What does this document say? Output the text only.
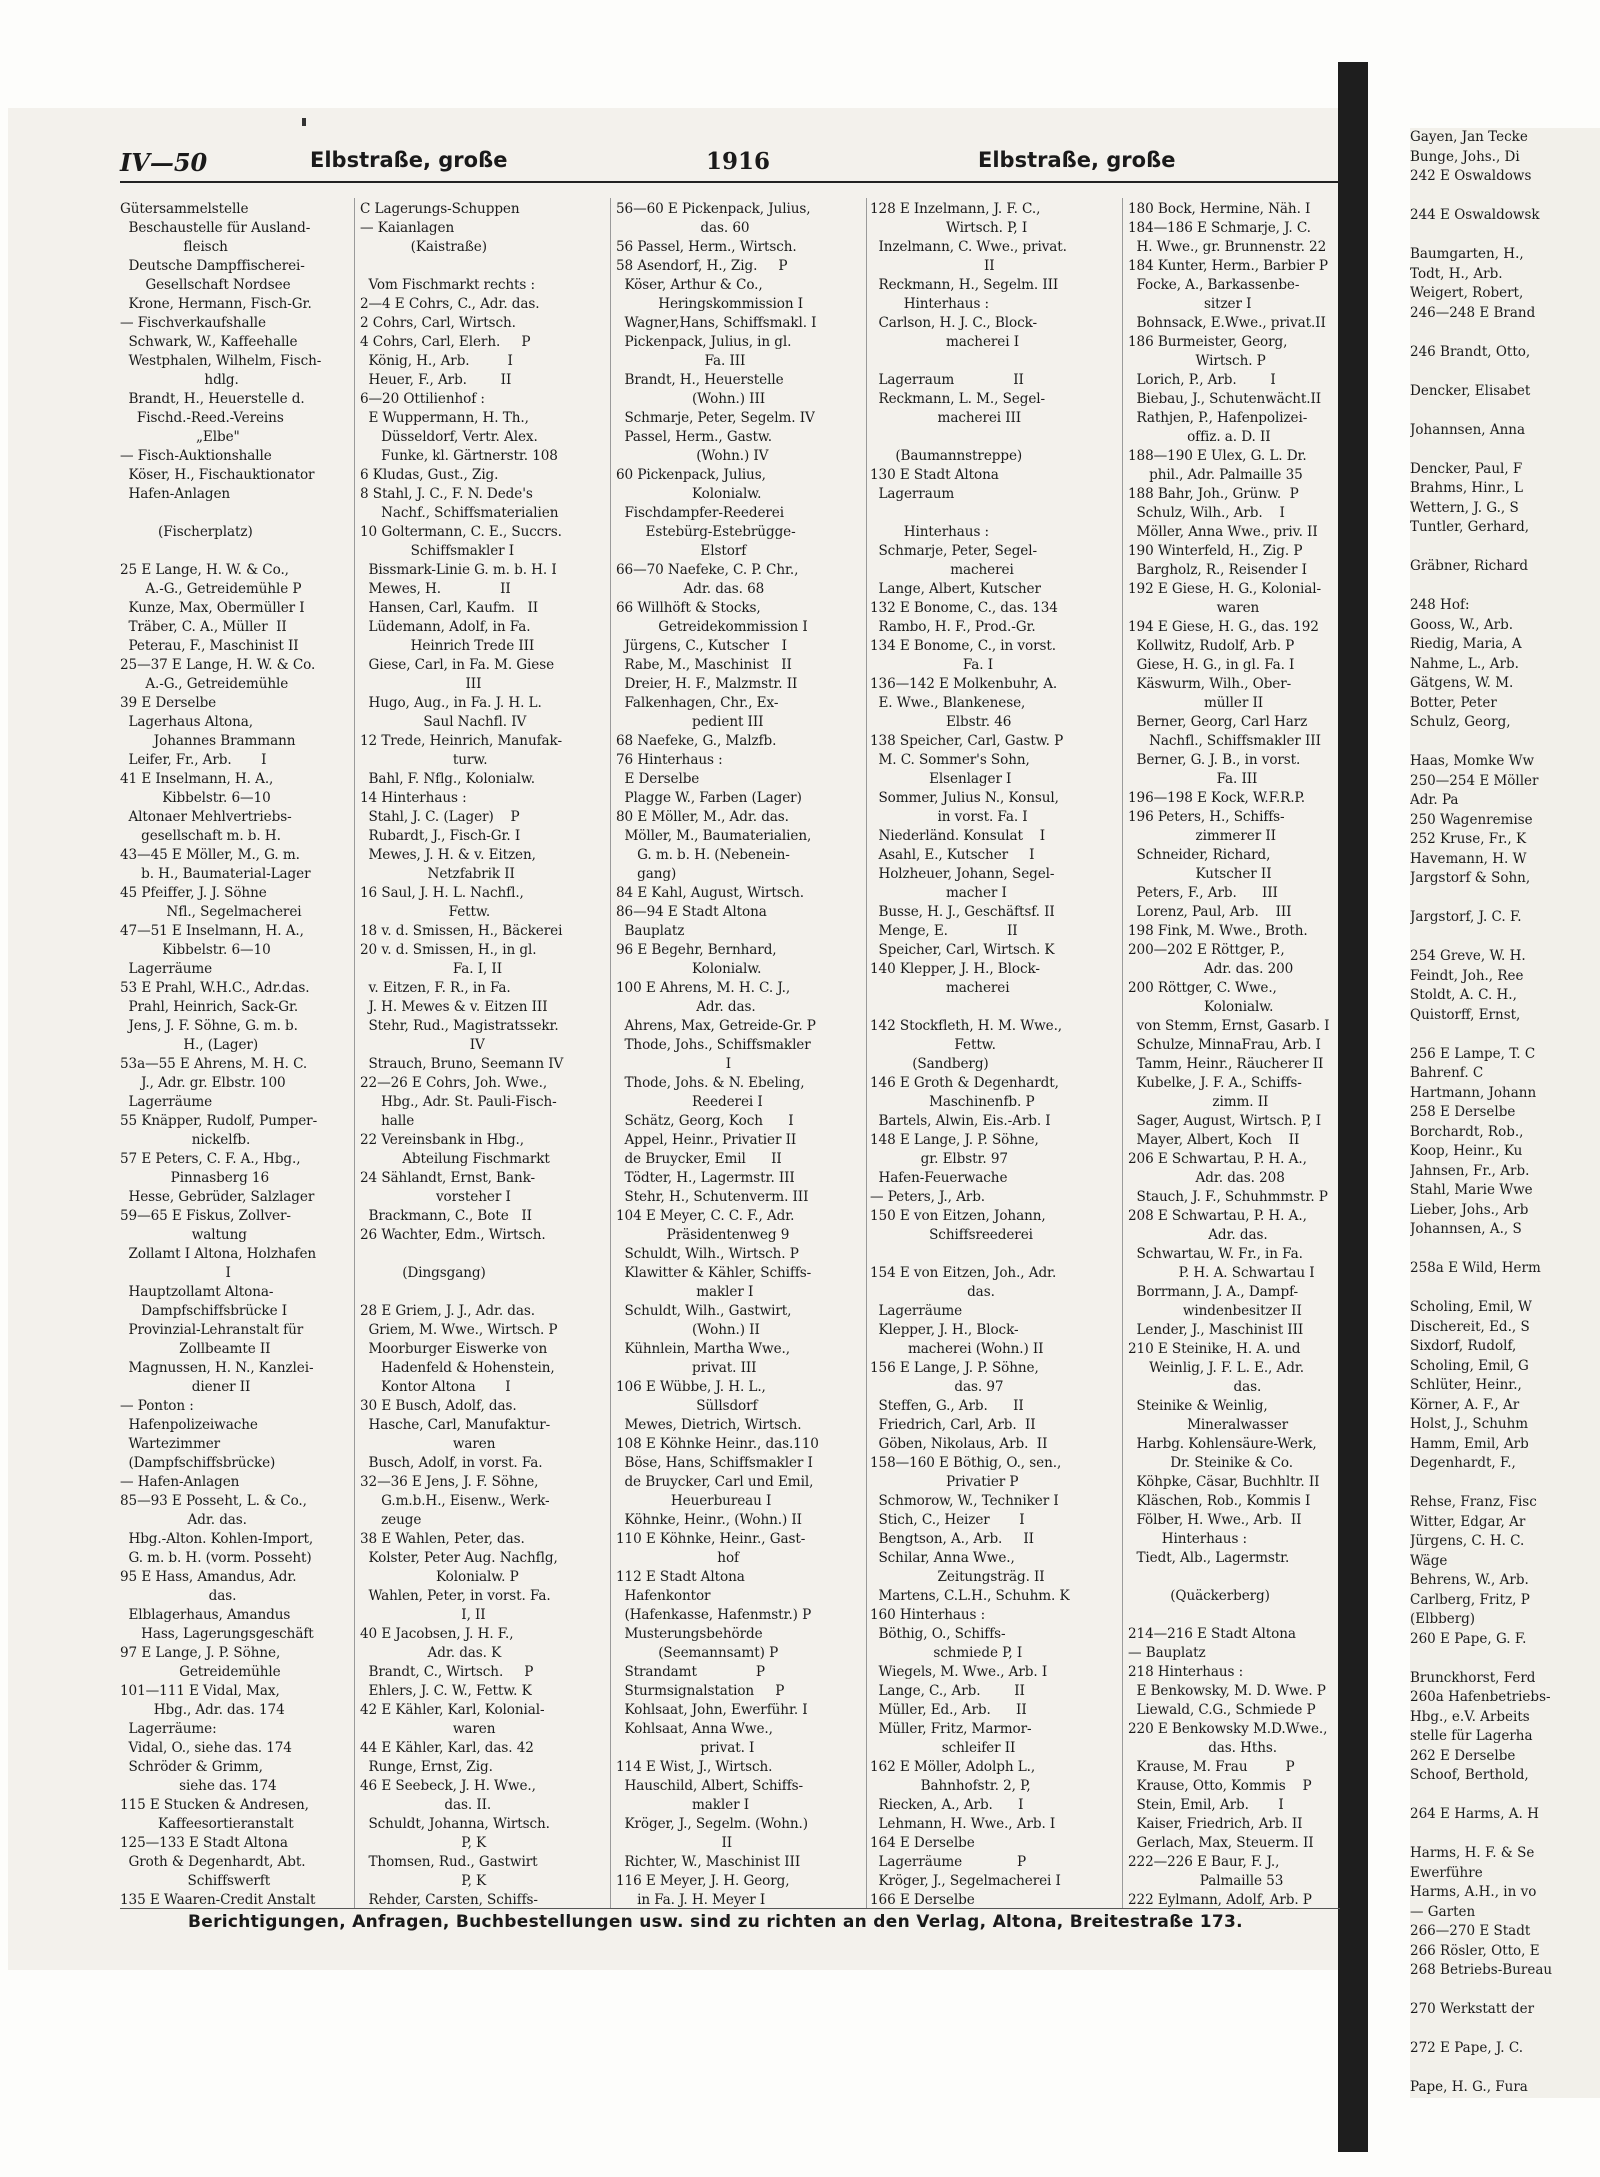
Gayen, Jan Tecke
Bunge, Johs., Di
242 E Oswaldows

244 E Oswaldowsk

Baumgarten, H.,
Todt, H., Arb.
Weigert, Robert,
246—248 E Brand

246 Brandt, Otto,

Dencker, Elisabet

Johannsen, Anna

Dencker, Paul, F
Brahms, Hinr., L
Wettern, J. G., S
Tuntler, Gerhard,

Gräbner, Richard

248 Hof:
Gooss, W., Arb.
Riedig, Maria, A
Nahme, L., Arb.
Gätgens, W. M.
Botter, Peter
Schulz, Georg,

Haas, Momke Ww
250—254 E Möller
Adr. Pa
250 Wagenremise
252 Kruse, Fr., K
Havemann, H. W
Jargstorf & Sohn,

Jargstorf, J. C. F.

254 Greve, W. H.
Feindt, Joh., Ree
Stoldt, A. C. H.,
Quistorff, Ernst,

256 E Lampe, T. C
Bahrenf. C
Hartmann, Johann
258 E Derselbe
Borchardt, Rob.,
Koop, Heinr., Ku
Jahnsen, Fr., Arb.
Stahl, Marie Wwe
Lieber, Johs., Arb
Johannsen, A., S

258a E Wild, Herm

Scholing, Emil, W
Dischereit, Ed., S
Sixdorf, Rudolf,
Scholing, Emil, G
Schlüter, Heinr.,
Körner, A. F., Ar
Holst, J., Schuhm
Hamm, Emil, Arb
Degenhardt, F.,

Rehse, Franz, Fisc
Witter, Edgar, Ar
Jürgens, C. H. C.
Wäge
Behrens, W., Arb.
Carlberg, Fritz, P
(Elbberg)
260 E Pape, G. F.

Brunckhorst, Ferd
260a Hafenbetriebs-
Hbg., e.V. Arbeits
stelle für Lagerha
262 E Derselbe
Schoof, Berthold,

264 E Harms, A. H

Harms, H. F. & Se
Ewerführe
Harms, A.H., in vo
— Garten
266—270 E Stadt
266 Rösler, Otto, E
268 Betriebs-Bureau

270 Werkstatt der

272 E Pape, J. C.

Pape, H. G., Fura

IV—50	Elbstraße, große	1916	Elbstraße, große
Gütersammelstelle
Beschaustelle für Ausland-
fleisch
Deutsche Dampffischerei-
Gesellschaft Nordsee
Krone, Hermann, Fisch-Gr.
— Fischverkaufshalle
Schwark, W., Kaffeehalle
Westphalen, Wilhelm, Fisch-
hdlg.
Brandt, H., Heuerstelle d.
Fischd.-Reed.-Vereins
„Elbe"
— Fisch-Auktionshalle
Köser, H., Fischauktionator
Hafen-Anlagen

(Fischerplatz)

25 E Lange, H. W. & Co.,
A.-G., Getreidemühle P
Kunze, Max, Obermüller I
Träber, C. A., Müller  II
Peterau, F., Maschinist II
25—37 E Lange, H. W. & Co.
A.-G., Getreidemühle
39 E Derselbe
Lagerhaus Altona,
Johannes Brammann
Leifer, Fr., Arb.       I
41 E Inselmann, H. A.,
Kibbelstr. 6—10
Altonaer Mehlvertriebs-
gesellschaft m. b. H.
43—45 E Möller, M., G. m.
b. H., Baumaterial-Lager
45 Pfeiffer, J. J. Söhne
Nfl., Segelmacherei
47—51 E Inselmann, H. A.,
Kibbelstr. 6—10
Lagerräume
53 E Prahl, W.H.C., Adr.das.
Prahl, Heinrich, Sack-Gr.
Jens, J. F. Söhne, G. m. b.
H., (Lager)
53a—55 E Ahrens, M. H. C.
J., Adr. gr. Elbstr. 100
Lagerräume
55 Knäpper, Rudolf, Pumper-
nickelfb.
57 E Peters, C. F. A., Hbg.,
Pinnasberg 16
Hesse, Gebrüder, Salzlager
59—65 E Fiskus, Zollver-
waltung
Zollamt I Altona, Holzhafen
I
Hauptzollamt Altona-
Dampfschiffsbrücke I
Provinzial-Lehranstalt für
Zollbeamte II
Magnussen, H. N., Kanzlei-
diener II
— Ponton :
Hafenpolizeiwache
Wartezimmer
(Dampfschiffsbrücke)
— Hafen-Anlagen
85—93 E Posseht, L. & Co.,
Adr. das.
Hbg.-Alton. Kohlen-Import,
G. m. b. H. (vorm. Posseht)
95 E Hass, Amandus, Adr.
das.
Elblagerhaus, Amandus
Hass, Lagerungsgeschäft
97 E Lange, J. P. Söhne,
Getreidemühle
101—111 E Vidal, Max,
Hbg., Adr. das. 174
Lagerräume:
Vidal, O., siehe das. 174
Schröder & Grimm,
siehe das. 174
115 E Stucken & Andresen,
Kaffeesortieranstalt
125—133 E Stadt Altona
Groth & Degenhardt, Abt.
Schiffswerft
135 E Waaren-Credit Anstalt
C Lagerungs-Schuppen
— Kaianlagen
(Kaistraße)

Vom Fischmarkt rechts :
2—4 E Cohrs, C., Adr. das.
2 Cohrs, Carl, Wirtsch.
4 Cohrs, Carl, Elerh.     P
König, H., Arb.         I
Heuer, F., Arb.        II
6—20 Ottilienhof :
E Wuppermann, H. Th.,
Düsseldorf, Vertr. Alex.
Funke, kl. Gärtnerstr. 108
6 Kludas, Gust., Zig.
8 Stahl, J. C., F. N. Dede's
Nachf., Schiffsmaterialien
10 Goltermann, C. E., Succrs.
Schiffsmakler I
Bissmark-Linie G. m. b. H. I
Mewes, H.              II
Hansen, Carl, Kaufm.   II
Lüdemann, Adolf, in Fa.
Heinrich Trede III
Giese, Carl, in Fa. M. Giese
III
Hugo, Aug., in Fa. J. H. L.
Saul Nachfl. IV
12 Trede, Heinrich, Manufak-
turw.
Bahl, F. Nflg., Kolonialw.
14 Hinterhaus :
Stahl, J. C. (Lager)    P
Rubardt, J., Fisch-Gr. I
Mewes, J. H. & v. Eitzen,
Netzfabrik II
16 Saul, J. H. L. Nachfl.,
Fettw.
18 v. d. Smissen, H., Bäckerei
20 v. d. Smissen, H., in gl.
Fa. I, II
v. Eitzen, F. R., in Fa.
J. H. Mewes & v. Eitzen III
Stehr, Rud., Magistratssekr.
IV
Strauch, Bruno, Seemann IV
22—26 E Cohrs, Joh. Wwe.,
Hbg., Adr. St. Pauli-Fisch-
halle
22 Vereinsbank in Hbg.,
Abteilung Fischmarkt
24 Sählandt, Ernst, Bank-
vorsteher I
Brackmann, C., Bote   II
26 Wachter, Edm., Wirtsch.

(Dingsgang)

28 E Griem, J. J., Adr. das.
Griem, M. Wwe., Wirtsch. P
Moorburger Eiswerke von
Hadenfeld & Hohenstein,
Kontor Altona       I
30 E Busch, Adolf, das.
Hasche, Carl, Manufaktur-
waren
Busch, Adolf, in vorst. Fa.
32—36 E Jens, J. F. Söhne,
G.m.b.H., Eisenw., Werk-
zeuge
38 E Wahlen, Peter, das.
Kolster, Peter Aug. Nachflg,
Kolonialw. P
Wahlen, Peter, in vorst. Fa.
I, II
40 E Jacobsen, J. H. F.,
Adr. das. K
Brandt, C., Wirtsch.     P
Ehlers, J. C. W., Fettw. K
42 E Kähler, Karl, Kolonial-
waren
44 E Kähler, Karl, das. 42
Runge, Ernst, Zig.
46 E Seebeck, J. H. Wwe.,
das. II.
Schuldt, Johanna, Wirtsch.
P, K
Thomsen, Rud., Gastwirt
P, K
Rehder, Carsten, Schiffs-
56—60 E Pickenpack, Julius,
das. 60
56 Passel, Herm., Wirtsch.
58 Asendorf, H., Zig.     P
Köser, Arthur & Co.,
Heringskommission I
Wagner,Hans, Schiffsmakl. I
Pickenpack, Julius, in gl.
Fa. III
Brandt, H., Heuerstelle
(Wohn.) III
Schmarje, Peter, Segelm. IV
Passel, Herm., Gastw.
(Wohn.) IV
60 Pickenpack, Julius,
Kolonialw.
Fischdampfer-Reederei
Estebürg-Estebrügge-
Elstorf
66—70 Naefeke, C. P. Chr.,
Adr. das. 68
66 Willhöft & Stocks,
Getreidekommission I
Jürgens, C., Kutscher   I
Rabe, M., Maschinist   II
Dreier, H. F., Malzmstr. II
Falkenhagen, Chr., Ex-
pedient III
68 Naefeke, G., Malzfb.
76 Hinterhaus :
E Derselbe
Plagge W., Farben (Lager)
80 E Möller, M., Adr. das.
Möller, M., Baumaterialien,
G. m. b. H. (Nebenein-
gang)
84 E Kahl, August, Wirtsch.
86—94 E Stadt Altona
Bauplatz
96 E Begehr, Bernhard,
Kolonialw.
100 E Ahrens, M. H. C. J.,
Adr. das.
Ahrens, Max, Getreide-Gr. P
Thode, Johs., Schiffsmakler
I
Thode, Johs. & N. Ebeling,
Reederei I
Schätz, Georg, Koch      I
Appel, Heinr., Privatier II
de Bruycker, Emil      II
Tödter, H., Lagermstr. III
Stehr, H., Schutenverm. III
104 E Meyer, C. C. F., Adr.
Präsidentenweg 9
Schuldt, Wilh., Wirtsch. P
Klawitter & Kähler, Schiffs-
makler I
Schuldt, Wilh., Gastwirt,
(Wohn.) II
Kühnlein, Martha Wwe.,
privat. III
106 E Wübbe, J. H. L.,
Süllsdorf
Mewes, Dietrich, Wirtsch.
108 E Köhnke Heinr., das.110
Böse, Hans, Schiffsmakler I
de Bruycker, Carl und Emil,
Heuerbureau I
Köhnke, Heinr., (Wohn.) II
110 E Köhnke, Heinr., Gast-
hof
112 E Stadt Altona
Hafenkontor
(Hafenkasse, Hafenmstr.) P
Musterungsbehörde
(Seemannsamt) P
Strandamt              P
Sturmsignalstation     P
Kohlsaat, John, Ewerführ. I
Kohlsaat, Anna Wwe.,
privat. I
114 E Wist, J., Wirtsch.
Hauschild, Albert, Schiffs-
makler I
Kröger, J., Segelm. (Wohn.)
II
Richter, W., Maschinist III
116 E Meyer, J. H. Georg,
in Fa. J. H. Meyer I

128 E Inzelmann, J. F. C.,
Wirtsch. P, I
Inzelmann, C. Wwe., privat.
II
Reckmann, H., Segelm. III
Hinterhaus :
Carlson, H. J. C., Block-
macherei I

Lagerraum              II
Reckmann, L. M., Segel-
macherei III

(Baumannstreppe)
130 E Stadt Altona
Lagerraum

Hinterhaus :
Schmarje, Peter, Segel-
macherei
Lange, Albert, Kutscher
132 E Bonome, C., das. 134
Rambo, H. F., Prod.-Gr.
134 E Bonome, C., in vorst.
Fa. I
136—142 E Molkenbuhr, A.
E. Wwe., Blankenese,
Elbstr. 46
138 Speicher, Carl, Gastw. P
M. C. Sommer's Sohn,
Elsenlager I
Sommer, Julius N., Konsul,
in vorst. Fa. I
Niederländ. Konsulat    I
Asahl, E., Kutscher     I
Holzheuer, Johann, Segel-
macher I
Busse, H. J., Geschäftsf. II
Menge, E.              II
Speicher, Carl, Wirtsch. K
140 Klepper, J. H., Block-
macherei

142 Stockfleth, H. M. Wwe.,
Fettw.
(Sandberg)
146 E Groth & Degenhardt,
Maschinenfb. P
Bartels, Alwin, Eis.-Arb. I
148 E Lange, J. P. Söhne,
gr. Elbstr. 97
Hafen-Feuerwache
— Peters, J., Arb.
150 E von Eitzen, Johann,
Schiffsreederei

154 E von Eitzen, Joh., Adr.
das.
Lagerräume
Klepper, J. H., Block-
macherei (Wohn.) II
156 E Lange, J. P. Söhne,
das. 97
Steffen, G., Arb.      II
Friedrich, Carl, Arb.  II
Göben, Nikolaus, Arb.  II
158—160 E Böthig, O., sen.,
Privatier P
Schmorow, W., Techniker I
Stich, C., Heizer       I
Bengtson, A., Arb.     II
Schilar, Anna Wwe.,
Zeitungsträg. II
Martens, C.L.H., Schuhm. K
160 Hinterhaus :
Böthig, O., Schiffs-
schmiede P, I
Wiegels, M. Wwe., Arb. I
Lange, C., Arb.        II
Müller, Ed., Arb.      II
Müller, Fritz, Marmor-
schleifer II
162 E Möller, Adolph L.,
Bahnhofstr. 2, P,
Riecken, A., Arb.      I
Lehmann, H. Wwe., Arb. I
164 E Derselbe
Lagerräume             P
Kröger, J., Segelmacherei I
166 E Derselbe
180 Bock, Hermine, Näh. I
184—186 E Schmarje, J. C.
H. Wwe., gr. Brunnenstr. 22
184 Kunter, Herm., Barbier P
Focke, A., Barkassenbe-
sitzer I
Bohnsack, E.Wwe., privat.II
186 Burmeister, Georg,
Wirtsch. P
Lorich, P., Arb.        I
Biebau, J., Schutenwächt.II
Rathjen, P., Hafenpolizei-
offiz. a. D. II
188—190 E Ulex, G. L. Dr.
phil., Adr. Palmaille 35
188 Bahr, Joh., Grünw.  P
Schulz, Wilh., Arb.    I
Möller, Anna Wwe., priv. II
190 Winterfeld, H., Zig. P
Bargholz, R., Reisender I
192 E Giese, H. G., Kolonial-
waren
194 E Giese, H. G., das. 192
Kollwitz, Rudolf, Arb. P
Giese, H. G., in gl. Fa. I
Käswurm, Wilh., Ober-
müller II
Berner, Georg, Carl Harz
Nachfl., Schiffsmakler III
Berner, G. J. B., in vorst.
Fa. III
196—198 E Kock, W.F.R.P.
196 Peters, H., Schiffs-
zimmerer II
Schneider, Richard,
Kutscher II
Peters, F., Arb.      III
Lorenz, Paul, Arb.    III
198 Fink, M. Wwe., Broth.
200—202 E Röttger, P.,
Adr. das. 200
200 Röttger, C. Wwe.,
Kolonialw.
von Stemm, Ernst, Gasarb. I
Schulze, MinnaFrau, Arb. I
Tamm, Heinr., Räucherer II
Kubelke, J. F. A., Schiffs-
zimm. II
Sager, August, Wirtsch. P, I
Mayer, Albert, Koch    II
206 E Schwartau, P. H. A.,
Adr. das. 208
Stauch, J. F., Schuhmmstr. P
208 E Schwartau, P. H. A.,
Adr. das.
Schwartau, W. Fr., in Fa.
P. H. A. Schwartau I
Borrmann, J. A., Dampf-
windenbesitzer II
Lender, J., Maschinist III
210 E Steinike, H. A. und
Weinlig, J. F. L. E., Adr.
das.
Steinike & Weinlig,
Mineralwasser
Harbg. Kohlensäure-Werk,
Dr. Steinike & Co.
Köhpke, Cäsar, Buchhltr. II
Kläschen, Rob., Kommis I
Fölber, H. Wwe., Arb.  II
Hinterhaus :
Tiedt, Alb., Lagermstr.

(Quäckerberg)

214—216 E Stadt Altona
— Bauplatz
218 Hinterhaus :
E Benkowsky, M. D. Wwe. P
Liewald, C.G., Schmiede P
220 E Benkowsky M.D.Wwe.,
das. Hths.
Krause, M. Frau         P
Krause, Otto, Kommis    P
Stein, Emil, Arb.       I
Kaiser, Friedrich, Arb. II
Gerlach, Max, Steuerm. II
222—226 E Baur, F. J.,
Palmaille 53
222 Eylmann, Adolf, Arb. P
Berichtigungen, Anfragen, Buchbestellungen usw. sind zu richten an den Verlag, Altona, Breitestraße 173.
